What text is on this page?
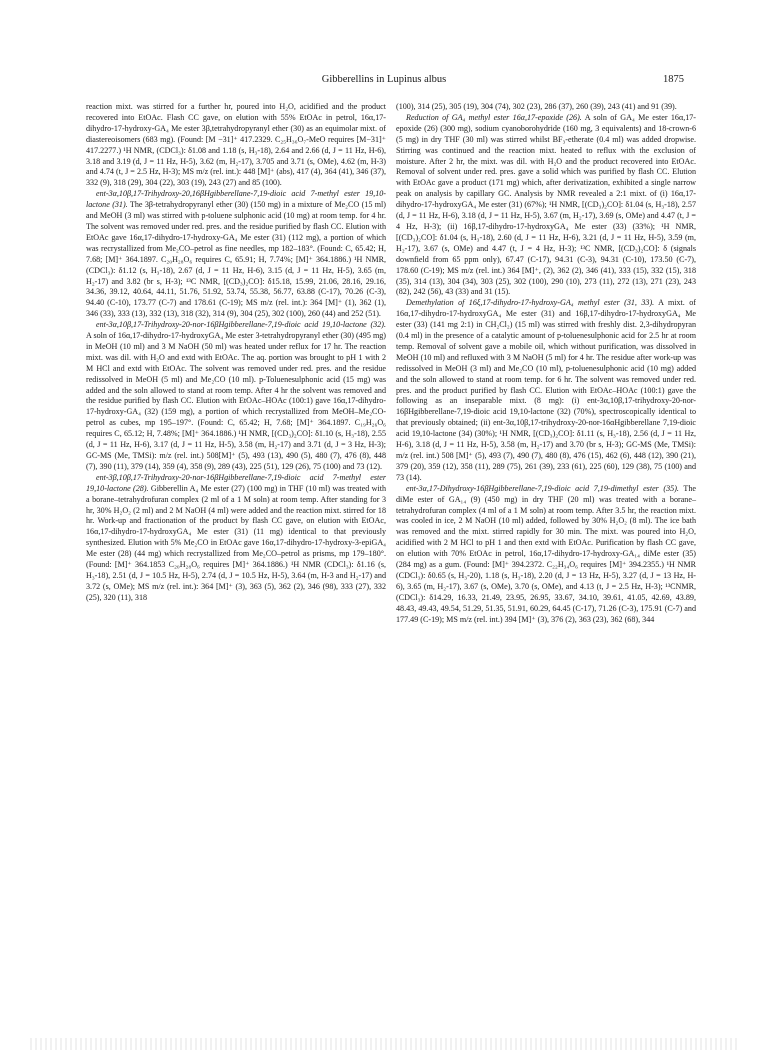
Gibberellins in Lupinus albus	1875

reaction mixt. was stirred for a further hr, poured into H₂O, acidified and the product recovered into EtOAc. Flash CC gave, on elution with 55% EtOAc in petrol, 16α,17-dihydro-17-hydroxy-GA₄ Me ester 3β,tetrahydropyranyl ether (30) as an equimolar mixt. of diastereoisomers (683 mg). (Found: [M −31]⁺ 417.2329. C₂₅H₃₆O₇-MeO requires [M−31]⁺ 417.2277.) ¹H NMR, (CDCl₃): δ1.08 and 1.18 (s, H₃-18), 2.64 and 2.66 (d, J = 11 Hz, H-6), 3.18 and 3.19 (d, J = 11 Hz, H-5), 3.62 (m, H₂-17), 3.705 and 3.71 (s, OMe), 4.62 (m, H-3) and 4.74 (t, J = 2.5 Hz, H-3); MS m/z (rel. int.): 448 [M]⁺ (abs), 417 (4), 364 (41), 346 (37), 332 (9), 318 (29), 304 (22), 303 (19), 243 (27) and 85 (100).

ent-3α,10β,17-Trihydroxy-20,16βHgibberellane-7,19-dioic acid 7-methyl ester 19,10-lactone (31). The 3β-tetrahydropyranyl ether (30) (150 mg) in a mixture of Me₂CO (15 ml) and MeOH (3 ml) was stirred with p-toluene sulphonic acid (10 mg) at room temp. for 4 hr. The solvent was removed under red. pres. and the residue purified by flash CC. Elution with EtOAc gave 16α,17-dihydro-17-hydroxy-GA₄ Me ester (31) (112 mg), a portion of which was recrystallized from Me₂CO–petrol as fine needles, mp 182–183°. (Found: C, 65.42; H, 7.68; [M]⁺ 364.1897. C₂₀H₂₈O₆ requires C, 65.91; H, 7.74%; [M]⁺ 364.1886.) ¹H NMR, (CDCl₃): δ1.12 (s, H₃-18), 2.67 (d, J = 11 Hz, H-6), 3.15 (d, J = 11 Hz, H-5), 3.65 (m, H₂-17) and 3.82 (br s, H-3); ¹³C NMR, [(CD₃)₂CO]: δ15.18, 15.99, 21.06, 28.16, 29.16, 34.36, 39.12, 40.64, 44.11, 51.76, 51.92, 53.74, 55.38, 56.77, 63.88 (C-17), 70.26 (C-3), 94.40 (C-10), 173.77 (C-7) and 178.61 (C-19); MS m/z (rel. int.): 364 [M]⁺ (1), 362 (1), 346 (33), 333 (13), 332 (13), 318 (32), 314 (9), 304 (25), 302 (100), 260 (44) and 252 (51).

ent-3α,10β,17-Trihydroxy-20-nor-16βHgibberellane-7,19-dioic acid 19,10-lactone (32). A soln of 16α,17-dihydro-17-hydroxyGA₄ Me ester 3-tetrahydropyranyl ether (30) (495 mg) in MeOH (10 ml) and 3 M NaOH (50 ml) was heated under reflux for 17 hr. The reaction mixt. was dil. with H₂O and extd with EtOAc. The aq. portion was brought to pH 1 with 2 M HCl and extd with EtOAc. The solvent was removed under red. pres. and the residue redissolved in MeOH (5 ml) and Me₂CO (10 ml). p-Toluenesulphonic acid (15 mg) was added and the soln allowed to stand at room temp. After 4 hr the solvent was removed and the residue purified by flash CC. Elution with EtOAc–HOAc (100:1) gave 16α,17-dihydro-17-hydroxy-GA₄ (32) (159 mg), a portion of which recrystallized from MeOH–Me₂CO-petrol as cubes, mp 195–197°. (Found: C, 65.42; H, 7.68; [M]⁺ 364.1897. C₁₉H₂₆O₆ requires C, 65.12; H, 7.48%; [M]⁺ 364.1886.) ¹H NMR, [(CD₃)₂CO]: δ1.10 (s, H₃-18), 2.55 (d, J = 11 Hz, H-6), 3.17 (d, J = 11 Hz, H-5), 3.58 (m, H₂-17) and 3.71 (d, J = 3 Hz, H-3); GC-MS (Me, TMSi): m/z (rel. int.) 508[M]⁺ (5), 493 (13), 490 (5), 480 (7), 476 (8), 448 (7), 390 (11), 379 (14), 359 (4), 358 (9), 289 (43), 225 (51), 129 (26), 75 (100) and 73 (12).

ent-3β,10β,17-Trihydroxy-20-nor-16βHgibberellane-7,19-dioic acid 7-methyl ester 19,10-lactone (28). Gibberellin A₄ Me ester (27) (100 mg) in THF (10 ml) was treated with a borane–tetrahydrofuran complex (2 ml of a 1 M soln) at room temp. After standing for 3 hr, 30% H₂O₂ (2 ml) and 2 M NaOH (4 ml) were added and the reaction mixt. stirred for 18 hr. Work-up and fractionation of the product by flash CC gave, on elution with EtOAc, 16α,17-dihydro-17-hydroxyGA₄ Me ester (31) (11 mg) identical to that previously synthesized. Elution with 5% Me₂CO in EtOAc gave 16α,17-dihydro-17-hydroxy-3-epiGA₄ Me ester (28) (44 mg) which recrystallized from Me₂CO–petrol as prisms, mp 179–180°. (Found: [M]⁺ 364.1853 C₂₀H₂₈O₆ requires [M]⁺ 364.1886.) ¹H NMR (CDCl₃): δ1.16 (s, H₃-18), 2.51 (d, J = 10.5 Hz, H-5), 2.74 (d, J = 10.5 Hz, H-5), 3.64 (m, H-3 and H₂-17) and 3.72 (s, OMe); MS m/z (rel. int.): 364 [M]⁺ (3), 363 (5), 362 (2), 346 (98), 333 (27), 332 (25), 320 (11), 318

(100), 314 (25), 305 (19), 304 (74), 302 (23), 286 (37), 260 (39), 243 (41) and 91 (39).

Reduction of GA₄ methyl ester 16α,17-epoxide (26). A soln of GA₄ Me ester 16α,17-epoxide (26) (300 mg), sodium cyanoborohydride (160 mg, 3 equivalents) and 18-crown-6 (5 mg) in dry THF (30 ml) was stirred whilst BF₃-etherate (0.4 ml) was added dropwise. Stirring was continued and the reaction mixt. heated to reflux with the exclusion of moisture. After 2 hr, the mixt. was dil. with H₂O and the product recovered into EtOAc. Removal of solvent under red. pres. gave a solid which was purified by flash CC. Elution with EtOAc gave a product (171 mg) which, after derivatization, exhibited a single narrow peak on analysis by capillary GC. Analysis by NMR revealed a 2:1 mixt. of (i) 16α,17-dihydro-17-hydroxyGA₄ Me ester (31) (67%); ¹H NMR, [(CD₃)₂CO]: δ1.04 (s, H₃-18), 2.57 (d, J = 11 Hz, H-6), 3.18 (d, J = 11 Hz, H-5), 3.67 (m, H₂-17), 3.69 (s, OMe) and 4.47 (t, J = 4 Hz, H-3); (ii) 16β,17-dihydro-17-hydroxyGA₄ Me ester (33) (33%); ¹H NMR, [(CD₃)₂CO]: δ1.04 (s, H₃-18), 2.60 (d, J = 11 Hz, H-6), 3.21 (d, J = 11 Hz, H-5), 3.59 (m, H₂-17), 3.67 (s, OMe) and 4.47 (t, J = 4 Hz, H-3); ¹³C NMR, [(CD₃)₂CO]: δ (signals downfield from 65 ppm only), 67.47 (C-17), 94.31 (C-3), 94.31 (C-10), 173.50 (C-7), 178.60 (C-19); MS m/z (rel. int.) 364 [M]⁺, (2), 362 (2), 346 (41), 333 (15), 332 (15), 318 (35), 314 (13), 304 (34), 303 (25), 302 (100), 290 (10), 273 (11), 272 (13), 271 (23), 243 (82), 242 (56), 43 (33) and 31 (15).

Demethylation of 16ξ,17-dihydro-17-hydroxy-GA₄ methyl ester (31, 33). A mixt. of 16α,17-dihydro-17-hydroxyGA₄ Me ester (31) and 16β,17-dihydro-17-hydroxyGA₄ Me ester (33) (141 mg 2:1) in CH₂Cl₂) (15 ml) was stirred with freshly dist. 2,3-dihydropyran (0.4 ml) in the presence of a catalytic amount of p-toluenesulphonic acid for 2.5 hr at room temp. Removal of solvent gave a mobile oil, which without purification, was dissolved in MeOH (10 ml) and refluxed with 3 M NaOH (5 ml) for 4 hr. The residue after work-up was redissolved in MeOH (3 ml) and Me₂CO (10 ml), p-toluenesulphonic acid (10 mg) added and the soln allowed to stand at room temp. for 6 hr. The solvent was removed under red. pres. and the product purified by flash CC. Elution with EtOAc–HOAc (100:1) gave the following as an inseparable mixt. (8 mg): (i) ent-3α,10β,17-trihydroxy-20-nor-16βHgibberellane-7,19-dioic acid 19,10-lactone (32) (70%), spectroscopically identical to that previously obtained; (ii) ent-3α,10β,17-trihydroxy-20-nor-16αHgibberellane 7,19-dioic acid 19,10-lactone (34) (30%); ¹H NMR, [(CD₃)₂CO]: δ1.11 (s, H₃-18), 2.56 (d, J = 11 Hz, H-6), 3.18 (d, J = 11 Hz, H-5), 3.58 (m, H₂-17) and 3.70 (br s, H-3); GC-MS (Me, TMSi): m/z (rel. int.) 508 [M]⁺ (5), 493 (7), 490 (7), 480 (8), 476 (15), 462 (6), 448 (12), 390 (21), 379 (20), 359 (12), 358 (11), 289 (75), 261 (39), 233 (61), 225 (60), 129 (38), 75 (100) and 73 (14).

ent-3α,17-Dihydroxy-16βHgibberellane-7,19-dioic acid 7,19-dimethyl ester (35). The diMe ester of GA₁₄ (9) (450 mg) in dry THF (20 ml) was treated with a borane–tetrahydrofuran complex (4 ml of a 1 M soln) at room temp. After 3.5 hr, the reaction mixt. was cooled in ice, 2 M NaOH (10 ml) added, followed by 30% H₂O₂ (8 ml). The ice bath was removed and the mixt. stirred rapidly for 30 min. The mixt. was poured into H₂O, acidified with 2 M HCl to pH 1 and then extd with EtOAc. Purification by flash CC gave, on elution with 70% EtOAc in petrol, 16α,17-dihydro-17-hydroxy-GA₁₄ diMe ester (35) (284 mg) as a gum. (Found: [M]⁺ 394.2372. C₂₂H₃₄O₆ requires [M]⁺ 394.2355.) ¹H NMR (CDCl₃): δ0.65 (s, H₃-20), 1.18 (s, H₃-18), 2.20 (d, J = 13 Hz, H-5), 3.27 (d, J = 13 Hz, H-6), 3.65 (m, H₂-17), 3.67 (s, OMe), 3.70 (s, OMe), and 4.13 (t, J = 2.5 Hz, H-3); ¹³CNMR, (CDCl₃): δ14.29, 16.33, 21.49, 23.95, 26.95, 33.67, 34.10, 39.61, 41.05, 42.69, 43.89, 48.43, 49.43, 49.54, 51.29, 51.35, 51.91, 60.29, 64.45 (C-17), 71.26 (C-3), 175.91 (C-7) and 177.49 (C-19); MS m/z (rel. int.) 394 [M]⁺ (3), 376 (2), 363 (23), 362 (68), 344
